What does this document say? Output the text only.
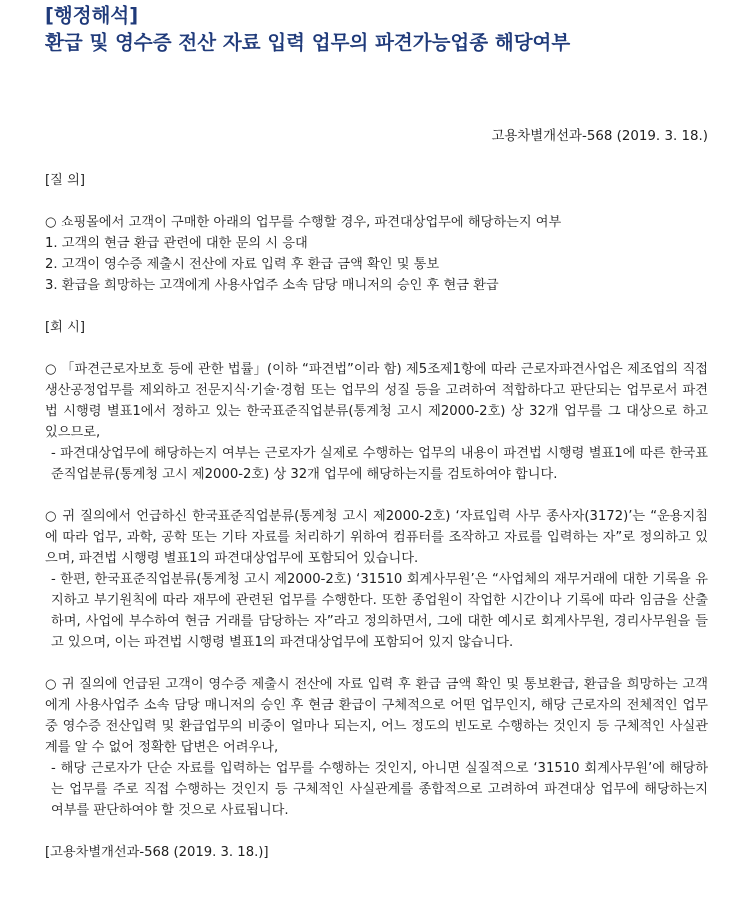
[행정해석]
환급 및 영수증 전산 자료 입력 업무의 파견가능업종 해당여부
고용차별개선과-568 (2019. 3. 18.)
[질 의]
○ 쇼핑몰에서 고객이 구매한 아래의 업무를 수행할 경우, 파견대상업무에 해당하는지 여부
1. 고객의 현금 환급 관련에 대한 문의 시 응대
2. 고객이 영수증 제출시 전산에 자료 입력 후 환급 금액 확인 및 통보
3. 환급을 희망하는 고객에게 사용사업주 소속 담당 매니저의 승인 후 현금 환급
[회 시]
○ 「파견근로자보호 등에 관한 법률」(이하 “파견법”이라 함) 제5조제1항에 따라 근로자파견사업은 제조업의 직접생산공정업무를 제외하고 전문지식·기술·경험 또는 업무의 성질 등을 고려하여 적합하다고 판단되는 업무로서 파견법 시행령 별표1에서 정하고 있는 한국표준직업분류(통계청 고시 제2000-2호) 상 32개 업무를 그 대상으로 하고 있으므로,
- 파견대상업무에 해당하는지 여부는 근로자가 실제로 수행하는 업무의 내용이 파견법 시행령 별표1에 따른 한국표준직업분류(통계청 고시 제2000-2호) 상 32개 업무에 해당하는지를 검토하여야 합니다.
○ 귀 질의에서 언급하신 한국표준직업분류(통계청 고시 제2000-2호) ‘자료입력 사무 종사자(3172)’는 “운용지침에 따라 업무, 과학, 공학 또는 기타 자료를 처리하기 위하여 컴퓨터를 조작하고 자료를 입력하는 자”로 정의하고 있으며, 파견법 시행령 별표1의 파견대상업무에 포함되어 있습니다.
- 한편, 한국표준직업분류(통계청 고시 제2000-2호) ‘31510 회계사무원’은 “사업체의 재무거래에 대한 기록을 유지하고 부기원칙에 따라 재무에 관련된 업무를 수행한다. 또한 종업원이 작업한 시간이나 기록에 따라 임금을 산출하며, 사업에 부수하여 현금 거래를 담당하는 자”라고 정의하면서, 그에 대한 예시로 회계사무원, 경리사무원을 들고 있으며, 이는 파견법 시행령 별표1의 파견대상업무에 포함되어 있지 않습니다.
○ 귀 질의에 언급된 고객이 영수증 제출시 전산에 자료 입력 후 환급 금액 확인 및 통보환급, 환급을 희망하는 고객에게 사용사업주 소속 담당 매니저의 승인 후 현금 환급이 구체적으로 어떤 업무인지, 해당 근로자의 전체적인 업무 중 영수증 전산입력 및 환급업무의 비중이 얼마나 되는지, 어느 정도의 빈도로 수행하는 것인지 등 구체적인 사실관계를 알 수 없어 정확한 답변은 어려우나,
- 해당 근로자가 단순 자료를 입력하는 업무를 수행하는 것인지, 아니면 실질적으로 ‘31510 회계사무원’에 해당하는 업무를 주로 직접 수행하는 것인지 등 구체적인 사실관계를 종합적으로 고려하여 파견대상 업무에 해당하는지 여부를 판단하여야 할 것으로 사료됩니다.
[고용차별개선과-568 (2019. 3. 18.)]
